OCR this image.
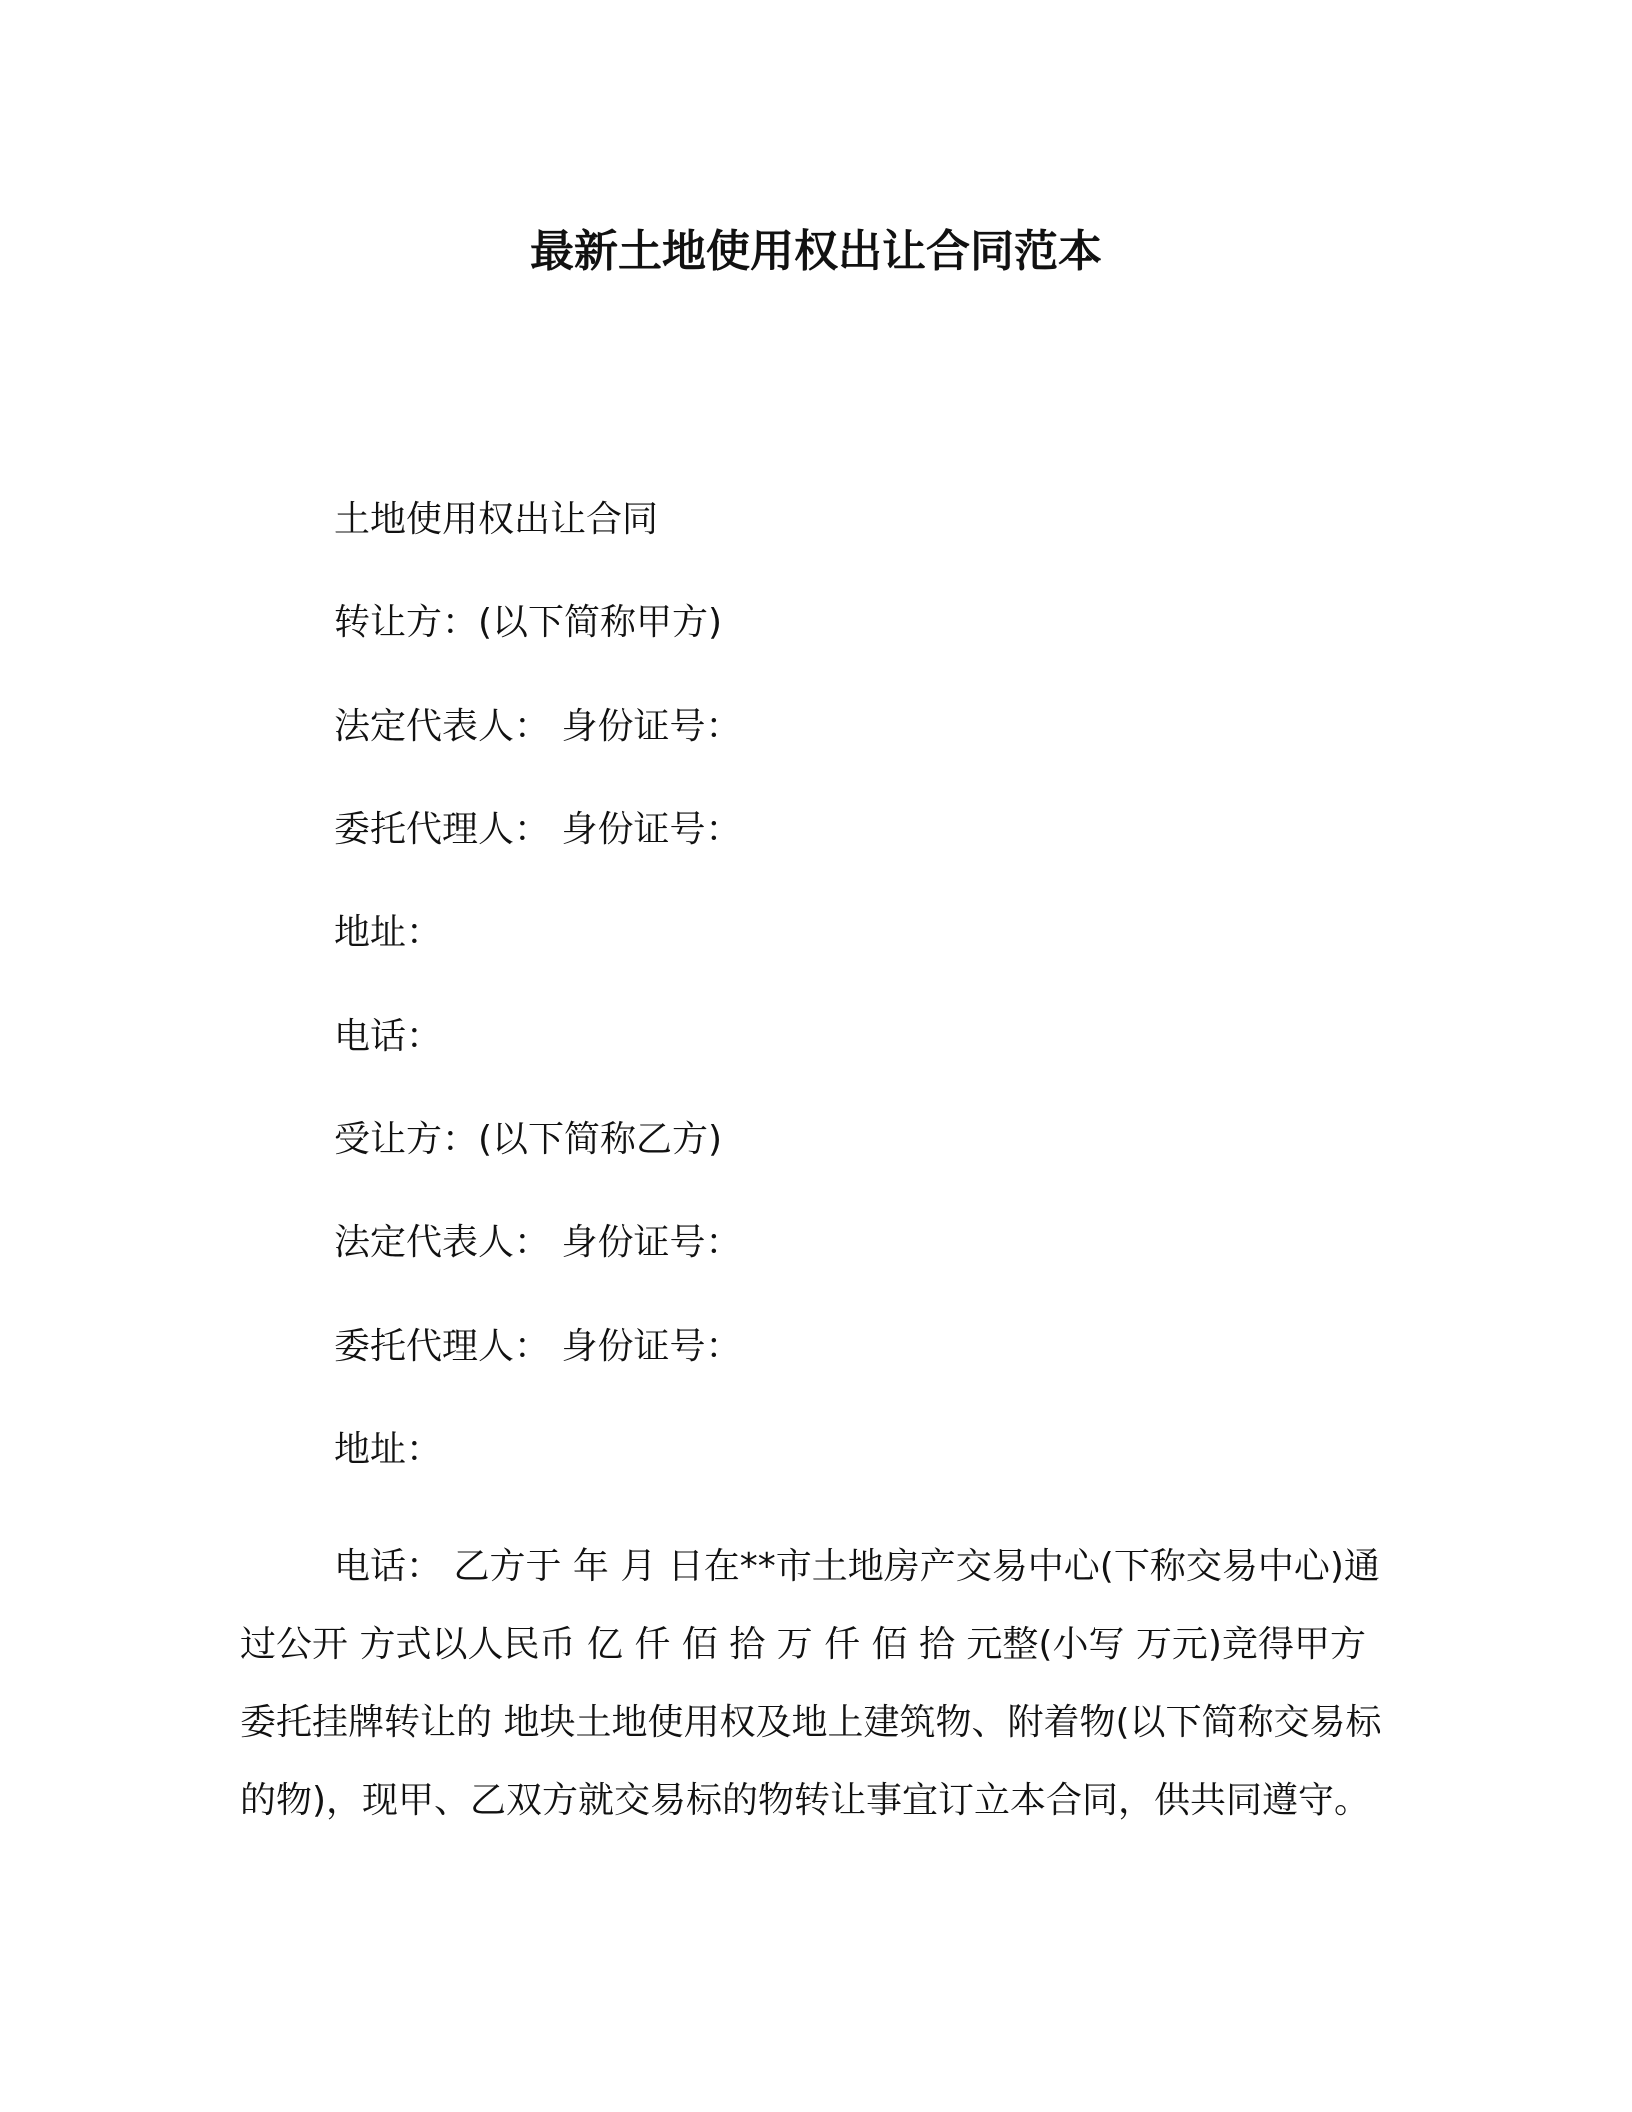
最新土地使用权出让合同范本
土地使用权出让合同
转让方：(以下简称甲方)
法定代表人： 身份证号：
委托代理人： 身份证号：
地址：
电话：
受让方：(以下简称乙方)
法定代表人： 身份证号：
委托代理人： 身份证号：
地址：
电话： 乙方于 年 月 日在**市土地房产交易中心(下称交易中心)通过公开 方式以人民币 亿 仟 佰 拾 万 仟 佰 拾 元整(小写 万元)竞得甲方委托挂牌转让的 地块土地使用权及地上建筑物、附着物(以下简称交易标的物)，现甲、乙双方就交易标的物转让事宜订立本合同，供共同遵守。
